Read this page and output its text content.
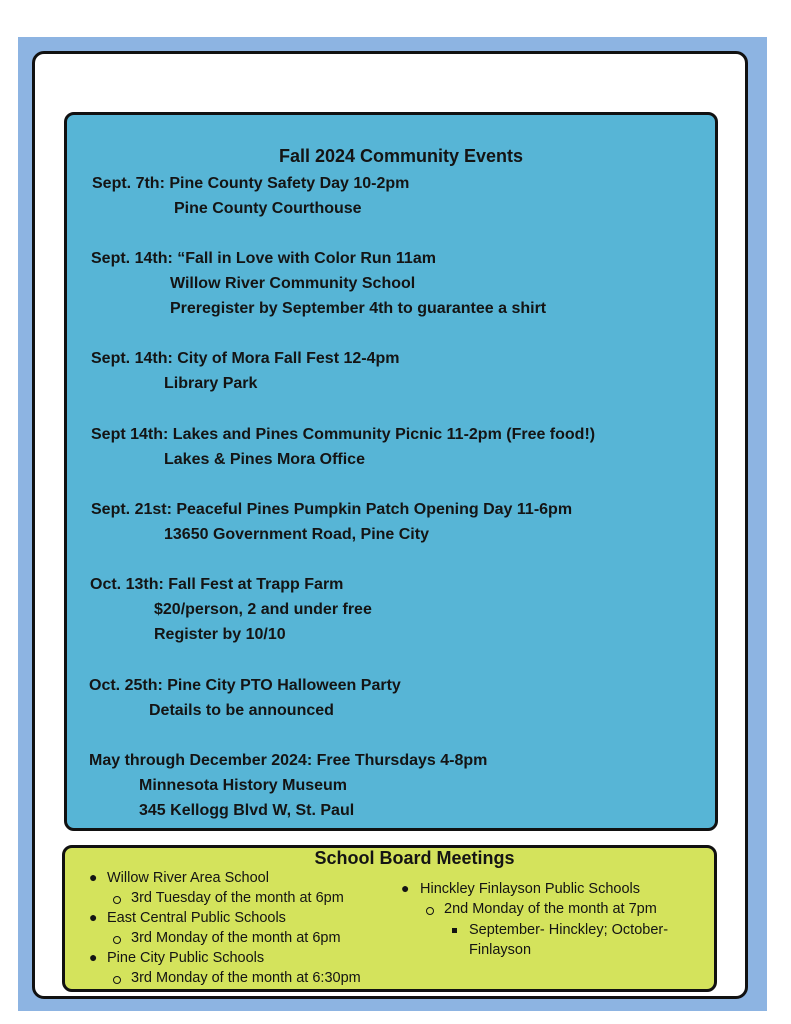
Fall 2024 Community Events
Sept. 7th: Pine County Safety Day 10-2pm
Pine County Courthouse
Sept. 14th: “Fall in Love with Color Run 11am
Willow River Community School
Preregister by September 4th to guarantee a shirt
Sept. 14th: City of Mora Fall Fest 12-4pm
Library Park
Sept 14th: Lakes and Pines Community Picnic 11-2pm (Free food!)
Lakes & Pines Mora Office
Sept. 21st: Peaceful Pines Pumpkin Patch Opening Day 11-6pm
13650 Government Road, Pine City
Oct. 13th: Fall Fest at Trapp Farm
$20/person, 2 and under free
Register by 10/10
Oct. 25th: Pine City PTO Halloween Party
Details to be announced
May through December 2024: Free Thursdays 4-8pm
Minnesota History Museum
345 Kellogg Blvd W, St. Paul
School Board Meetings
● Willow River Area School
3rd Tuesday of the month at 6pm
● East Central Public Schools
3rd Monday of the month at 6pm
● Pine City Public Schools
3rd Monday of the month at 6:30pm
● Hinckley Finlayson Public Schools
2nd Monday of the month at 7pm
September- Hinckley; October-
Finlayson
